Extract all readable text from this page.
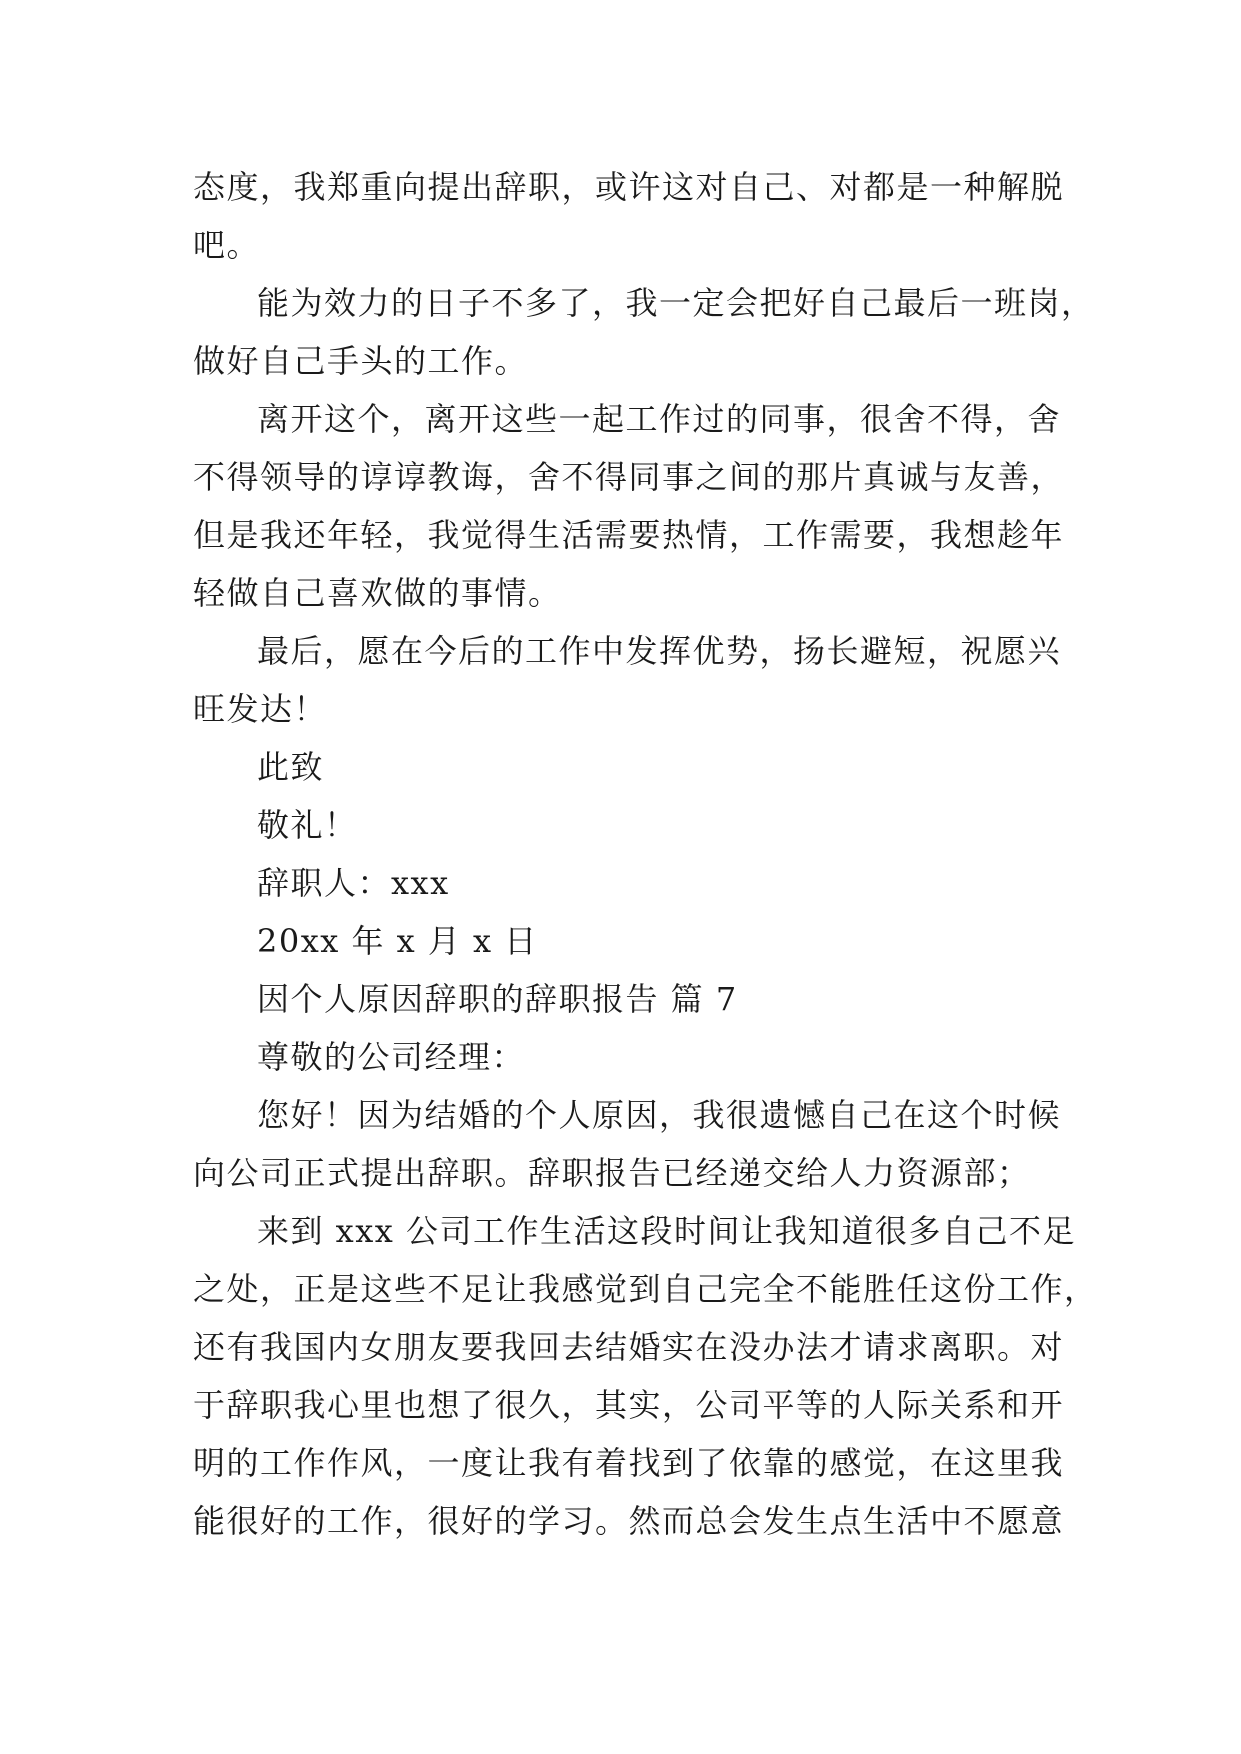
态度，我郑重向提出辞职，或许这对自己、对都是一种解脱
吧。
能为效力的日子不多了，我一定会把好自己最后一班岗，
做好自己手头的工作。
离开这个，离开这些一起工作过的同事，很舍不得，舍
不得领导的谆谆教诲，舍不得同事之间的那片真诚与友善，
但是我还年轻，我觉得生活需要热情，工作需要，我想趁年
轻做自己喜欢做的事情。
最后，愿在今后的工作中发挥优势，扬长避短，祝愿兴
旺发达！
此致
敬礼！
辞职人：xxx
20xx 年 x 月 x 日
因个人原因辞职的辞职报告 篇 7
尊敬的公司经理：
您好！因为结婚的个人原因，我很遗憾自己在这个时候
向公司正式提出辞职。辞职报告已经递交给人力资源部；
来到 xxx 公司工作生活这段时间让我知道很多自己不足
之处，正是这些不足让我感觉到自己完全不能胜任这份工作，
还有我国内女朋友要我回去结婚实在没办法才请求离职。对
于辞职我心里也想了很久，其实，公司平等的人际关系和开
明的工作作风，一度让我有着找到了依靠的感觉，在这里我
能很好的工作，很好的学习。然而总会发生点生活中不愿意
